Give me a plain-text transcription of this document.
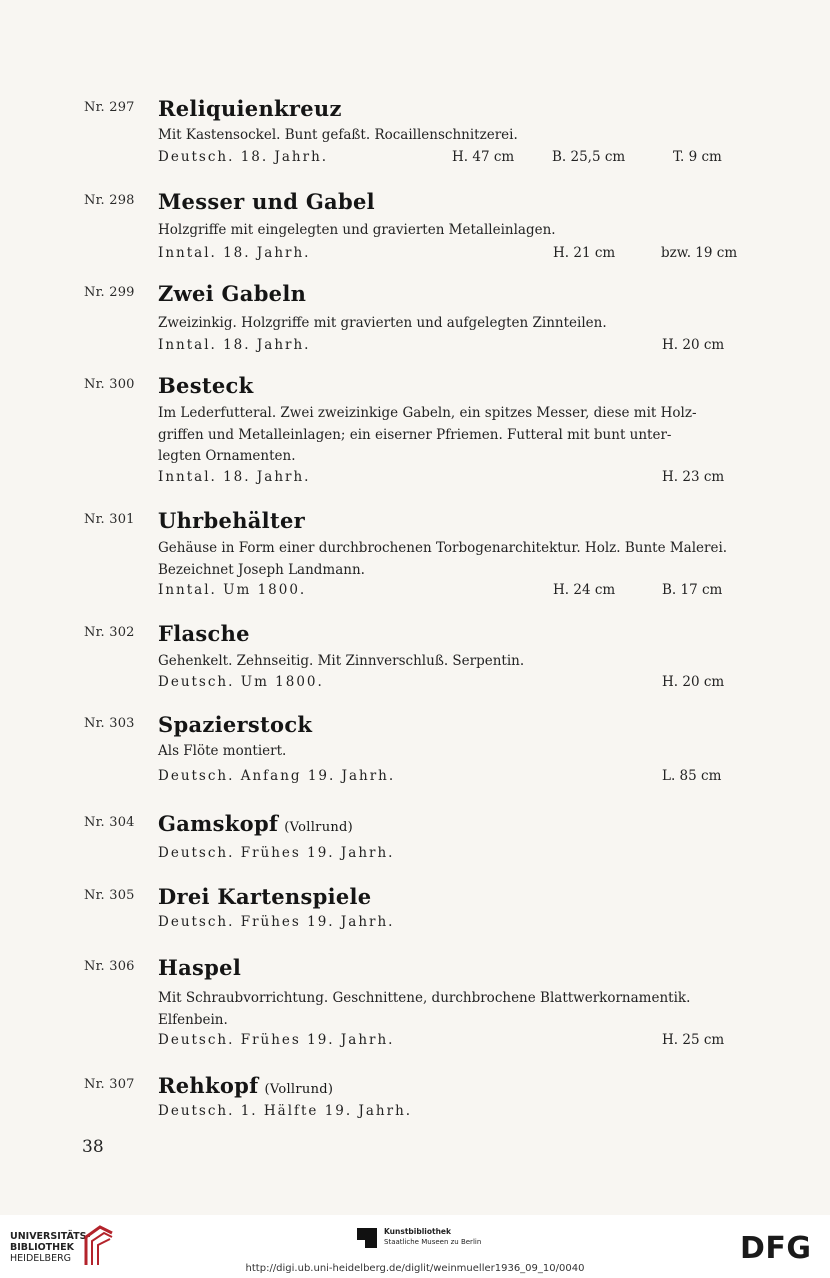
Nr. 297 Reliquienkreuz
Mit Kastensockel. Bunt gefaßt. Rocaillenschnitzerei.
Deutsch. 18. Jahrh.	H. 47 cm	B. 25,5 cm	T. 9 cm
Nr. 298 Messer und Gabel
Holzgriffe mit eingelegten und gravierten Metalleinlagen.
Inntal. 18. Jahrh.	H. 21 cm	bzw. 19 cm
Nr. 299 Zwei Gabeln
Zweizinkig. Holzgriffe mit gravierten und aufgelegten Zinnteilen.
Inntal. 18. Jahrh.	H. 20 cm
Nr. 300 Besteck
Im Lederfutteral. Zwei zweizinkige Gabeln, ein spitzes Messer, diese mit Holz-
griffen und Metalleinlagen; ein eiserner Pfriemen. Futteral mit bunt unter-
legten Ornamenten.
Inntal. 18. Jahrh.	H. 23 cm
Nr. 301 Uhrbehälter
Gehäuse in Form einer durchbrochenen Torbogenarchitektur. Holz. Bunte Malerei.
Bezeichnet Joseph Landmann.
Inntal. Um 1800.	H. 24 cm	B. 17 cm
Nr. 302 Flasche
Gehenkelt. Zehnseitig. Mit Zinnverschluß. Serpentin.
Deutsch. Um 1800.	H. 20 cm
Nr. 303 Spazierstock
Als Flöte montiert.
Deutsch. Anfang 19. Jahrh.	L. 85 cm
Nr. 304 Gamskopf (Vollrund)
Deutsch. Frühes 19. Jahrh.
Nr. 305 Drei Kartenspiele
Deutsch. Frühes 19. Jahrh.
Nr. 306 Haspel
Mit Schraubvorrichtung. Geschnittene, durchbrochene Blattwerkornamentik.
Elfenbein.
Deutsch. Frühes 19. Jahrh.	H. 25 cm
Nr. 307 Rehkopf (Vollrund)
Deutsch. 1. Hälfte 19. Jahrh.
38
UNIVERSITÄTS-
BIBLIOTHEK
HEIDELBERG
Kunstbibliothek
Staatliche Museen zu Berlin	DFG
http://digi.ub.uni-heidelberg.de/diglit/weinmueller1936_09_10/0040
